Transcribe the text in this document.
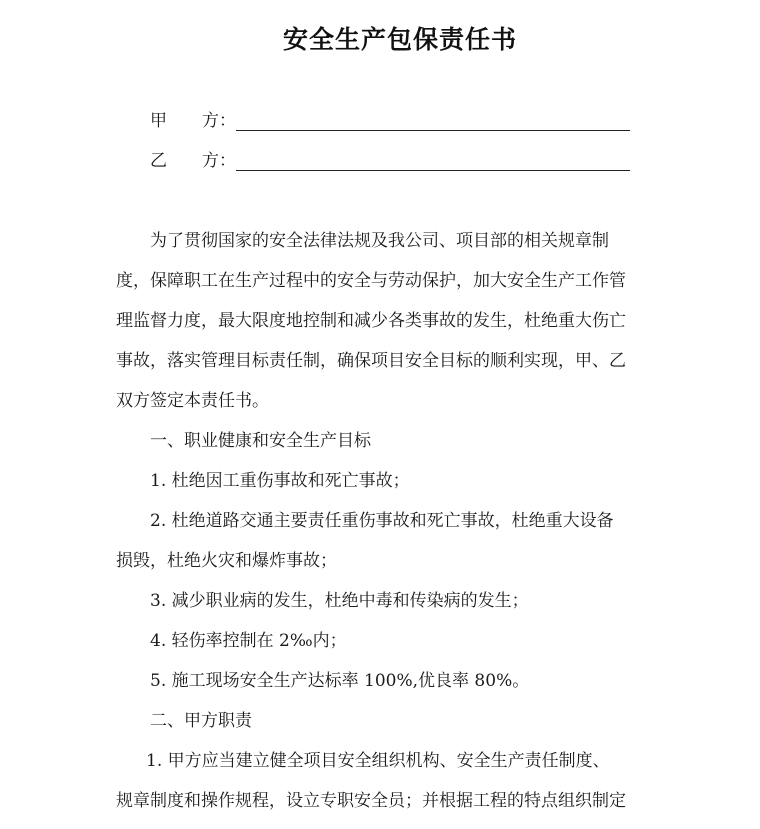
安全生产包保责任书
甲	方：
乙	方：
为了贯彻国家的安全法律法规及我公司、项目部的相关规章制
度，保障职工在生产过程中的安全与劳动保护，加大安全生产工作管
理监督力度，最大限度地控制和减少各类事故的发生，杜绝重大伤亡
事故，落实管理目标责任制，确保项目安全目标的顺利实现，甲、乙
双方签定本责任书。
一、职业健康和安全生产目标
1. 杜绝因工重伤事故和死亡事故；
2. 杜绝道路交通主要责任重伤事故和死亡事故，杜绝重大设备
损毁，杜绝火灾和爆炸事故；
3. 减少职业病的发生，杜绝中毒和传染病的发生；
4. 轻伤率控制在 2‰内；
5. 施工现场安全生产达标率 100%,优良率 80%。
二、甲方职责
1. 甲方应当建立健全项目安全组织机构、安全生产责任制度、
规章制度和操作规程，设立专职安全员；并根据工程的特点组织制定
